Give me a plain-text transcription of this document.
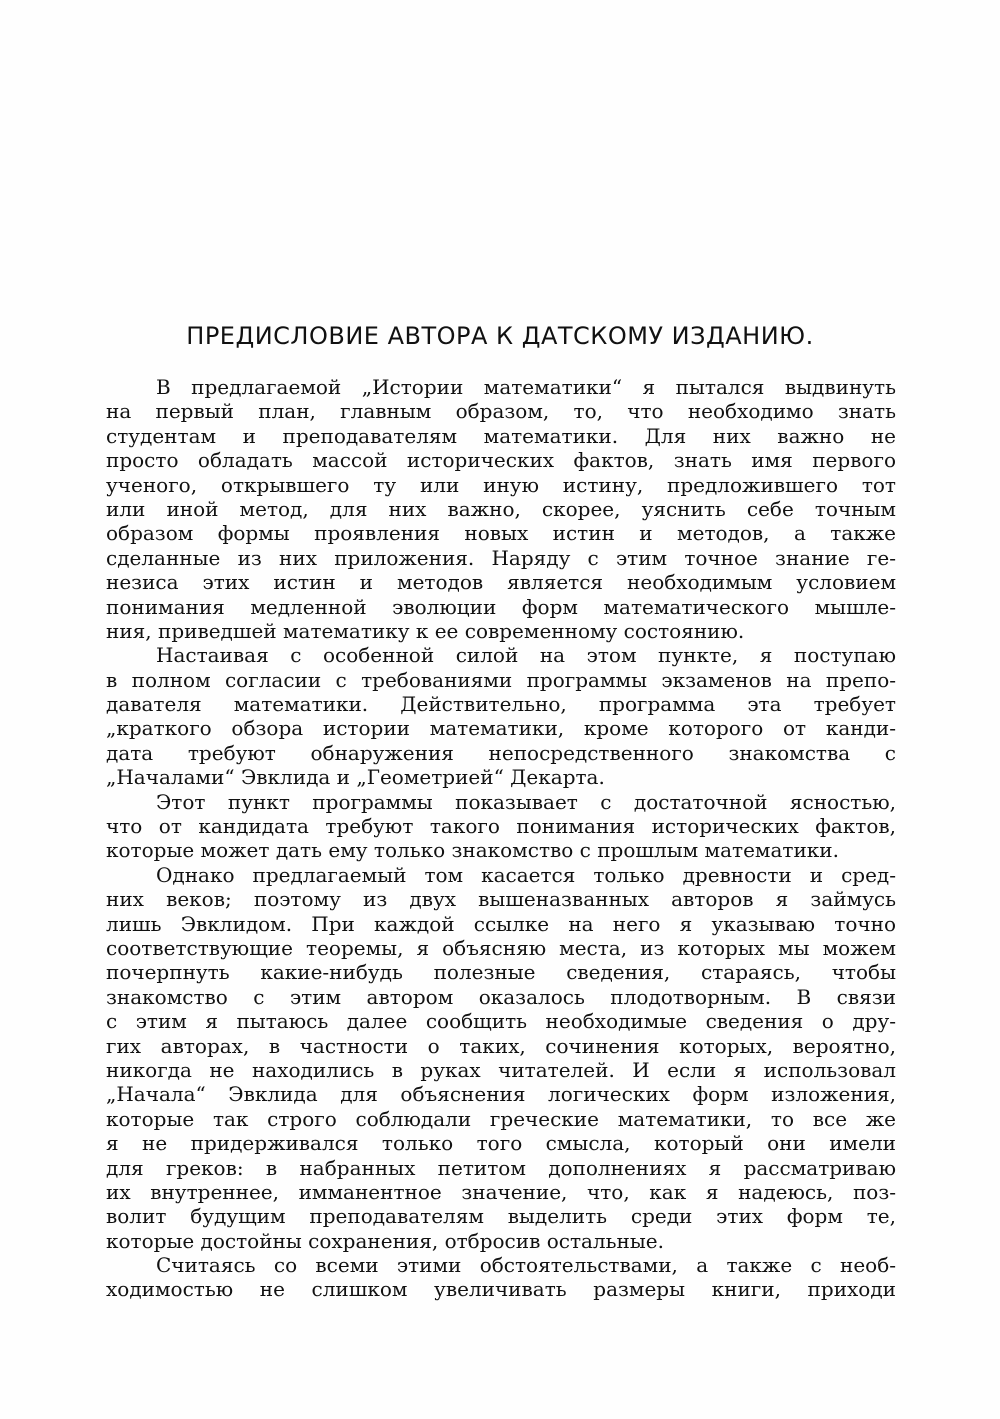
ПРЕДИСЛОВИЕ АВТОРА К ДАТСКОМУ ИЗДАНИЮ.
В предлагаемой „Истории математики“ я пытался выдвинуть
на первый план, главным образом, то, что необходимо знать
студентам и преподавателям математики. Для них важно не
просто обладать массой исторических фактов, знать имя первого
ученого, открывшего ту или иную истину, предложившего тот
или иной метод, для них важно, скорее, уяснить себе точным
образом формы проявления новых истин и методов, а также
сделанные из них приложения. Наряду с этим точное знание ге-
незиса этих истин и методов является необходимым условием
понимания медленной эволюции форм математического мышле-
ния, приведшей математику к ее современному состоянию.
Настаивая с особенной силой на этом пункте, я поступаю
в полном согласии с требованиями программы экзаменов на препо-
давателя математики. Действительно, программа эта требует
„краткого обзора истории математики, кроме которого от канди-
дата требуют обнаружения непосредственного знакомства с
„Началами“ Эвклида и „Геометрией“ Декарта.
Этот пункт программы показывает с достаточной ясностью,
что от кандидата требуют такого понимания исторических фактов,
которые может дать ему только знакомство с прошлым математики.
Однако предлагаемый том касается только древности и сред-
них веков; поэтому из двух вышеназванных авторов я займусь
лишь Эвклидом. При каждой ссылке на него я указываю точно
соответствующие теоремы, я объясняю места, из которых мы можем
почерпнуть какие-нибудь полезные сведения, стараясь, чтобы
знакомство с этим автором оказалось плодотворным. В связи
с этим я пытаюсь далее сообщить необходимые сведения о дру-
гих авторах, в частности о таких, сочинения которых, вероятно,
никогда не находились в руках читателей. И если я использовал
„Начала“ Эвклида для объяснения логических форм изложения,
которые так строго соблюдали греческие математики, то все же
я не придерживался только того смысла, который они имели
для греков: в набранных петитом дополнениях я рассматриваю
их внутреннее, имманентное значение, что, как я надеюсь, поз-
волит будущим преподавателям выделить среди этих форм те,
которые достойны сохранения, отбросив остальные.
Считаясь со всеми этими обстоятельствами, а также с необ-
ходимостью не слишком увеличивать размеры книги, приходи
